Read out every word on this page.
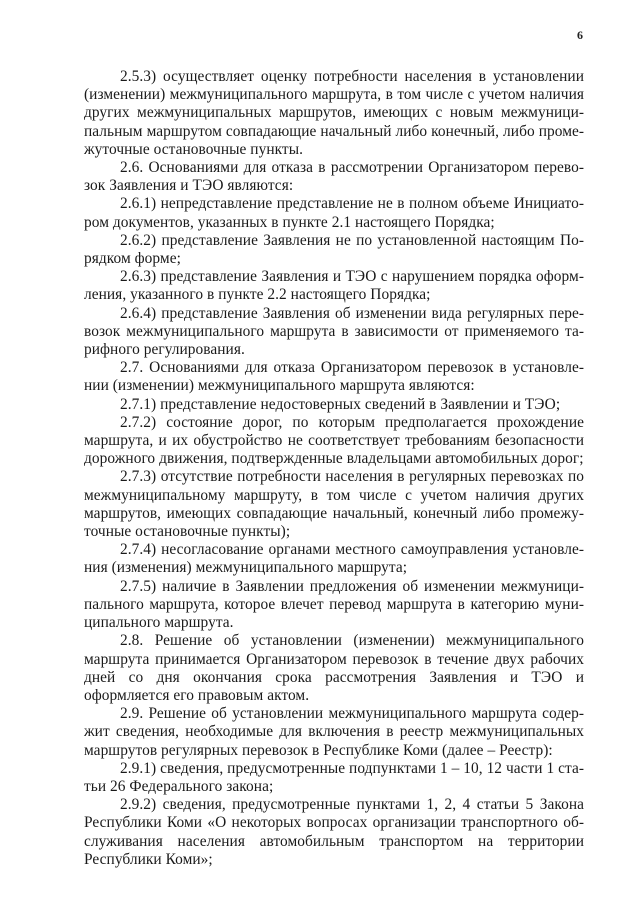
6

2.5.3) осуществляет оценку потребности населения в установлении (изменении) межмуниципального маршрута, в том числе с учетом наличия других межмуниципальных маршрутов, имеющих с новым межмуниципальным маршрутом совпадающие начальный либо конечный, либо промежуточные остановочные пункты.

2.6. Основаниями для отказа в рассмотрении Организатором перевозок Заявления и ТЭО являются:

2.6.1) непредставление представление не в полном объеме Инициатором документов, указанных в пункте 2.1 настоящего Порядка;

2.6.2) представление Заявления не по установленной настоящим Порядком форме;

2.6.3) представление Заявления и ТЭО с нарушением порядка оформления, указанного в пункте 2.2 настоящего Порядка;

2.6.4) представление Заявления об изменении вида регулярных перевозок межмуниципального маршрута в зависимости от применяемого тарифного регулирования.

2.7. Основаниями для отказа Организатором перевозок в установлении (изменении) межмуниципального маршрута являются:

2.7.1) представление недостоверных сведений в Заявлении и ТЭО;

2.7.2) состояние дорог, по которым предполагается прохождение маршрута, и их обустройство не соответствует требованиям безопасности дорожного движения, подтвержденные владельцами автомобильных дорог;

2.7.3) отсутствие потребности населения в регулярных перевозках по межмуниципальному маршруту, в том числе с учетом наличия других маршрутов, имеющих совпадающие начальный, конечный либо промежуточные остановочные пункты);

2.7.4) несогласование органами местного самоуправления установления (изменения) межмуниципального маршрута;

2.7.5) наличие в Заявлении предложения об изменении межмуниципального маршрута, которое влечет перевод маршрута в категорию муниципального маршрута.

2.8. Решение об установлении (изменении) межмуниципального маршрута принимается Организатором перевозок в течение двух рабочих дней со дня окончания срока рассмотрения Заявления и ТЭО и оформляется его правовым актом.

2.9. Решение об установлении межмуниципального маршрута содержит сведения, необходимые для включения в реестр межмуниципальных маршрутов регулярных перевозок в Республике Коми (далее – Реестр):

2.9.1) сведения, предусмотренные подпунктами 1 – 10, 12 части 1 статьи 26 Федерального закона;

2.9.2) сведения, предусмотренные пунктами 1, 2, 4 статьи 5 Закона Республики Коми «О некоторых вопросах организации транспортного обслуживания населения автомобильным транспортом на территории Республики Коми»;
